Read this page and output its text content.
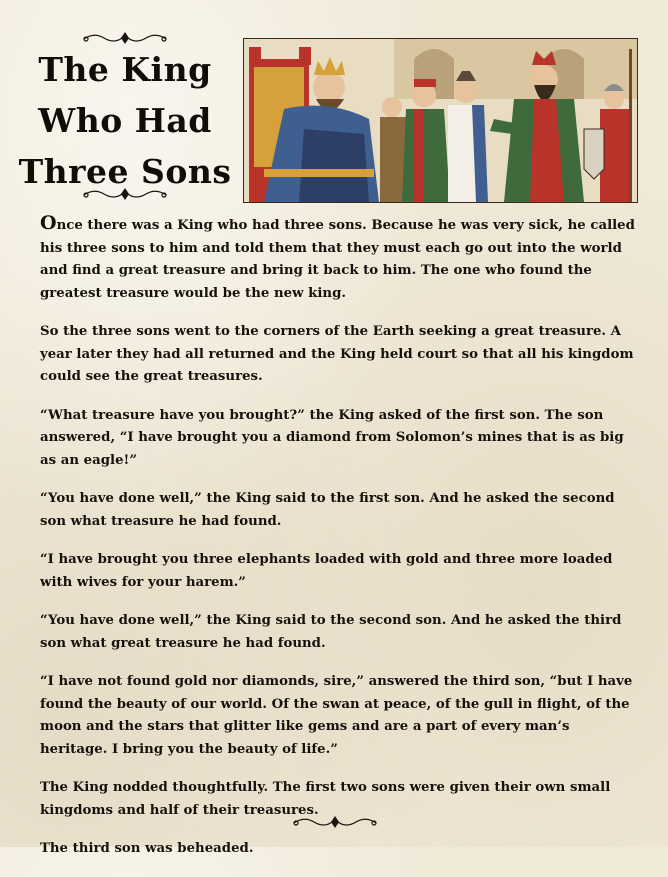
The King
Who Had
Three Sons

Once there was a King who had three sons. Because he was very sick, he called his three sons to him and told them that they must each go out into the world and find a great treasure and bring it back to him. The one who found the greatest treasure would be the new king.

So the three sons went to the corners of the Earth seeking a great treasure. A year later they had all returned and the King held court so that all his kingdom could see the great treasures.

“What treasure have you brought?” the King asked of the first son. The son answered, “I have brought you a diamond from Solomon’s mines that is as big as an eagle!”

“You have done well,” the King said to the first son. And he asked the second son what treasure he had found.

“I have brought you three elephants loaded with gold and three more loaded with wives for your harem.”

“You have done well,” the King said to the second son. And he asked the third son what great treasure he had found.

“I have not found gold nor diamonds, sire,” answered the third son, “but I have found the beauty of our world. Of the swan at peace, of the gull in flight, of the moon and the stars that glitter like gems and are a part of every man’s heritage. I bring you the beauty of life.”

The King nodded thoughtfully. The first two sons were given their own small kingdoms and half of their treasures.

The third son was beheaded.
